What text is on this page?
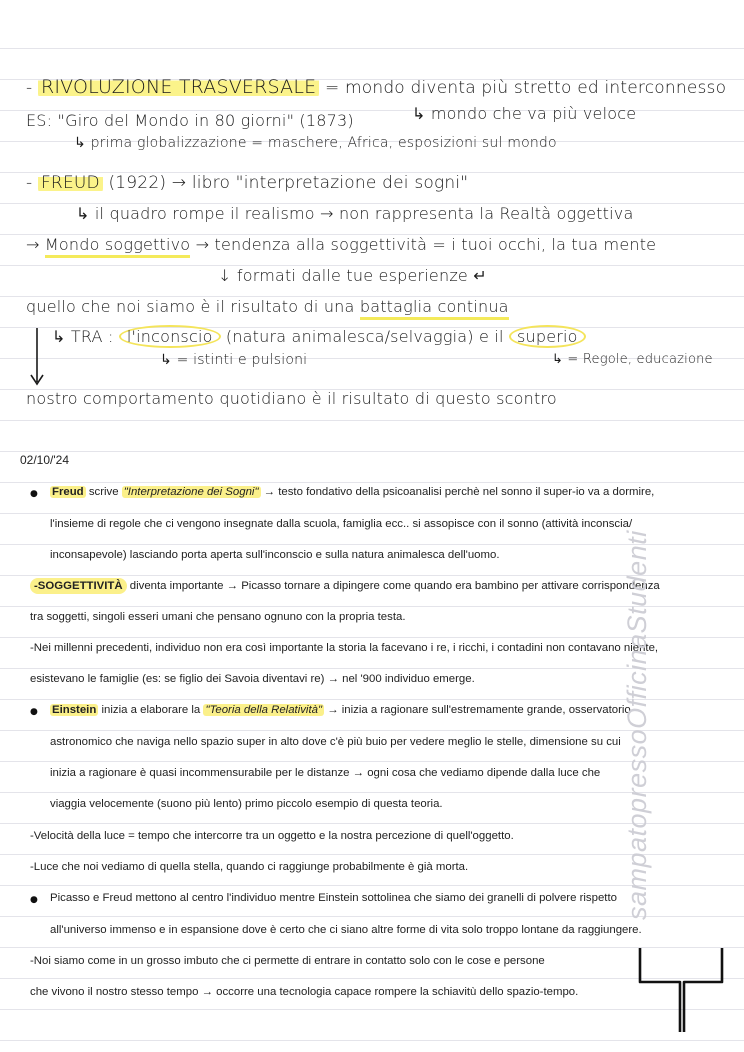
- RIVOLUZIONE TRASVERSALE = mondo diventa più stretto ed interconnesso
ES: "Giro del Mondo in 80 giorni" (1873)	↳ mondo che va più veloce
↳ prima globalizzazione = maschere, Africa, esposizioni sul mondo
- FREUD (1922) → libro "interpretazione dei sogni"
↳ il quadro rompe il realismo → non rappresenta la Realtà oggettiva
→ Mondo soggettivo → tendenza alla soggettività = i tuoi occhi, la tua mente
↓ formati dalle tue esperienze ↵
quello che noi siamo è il risultato di una battaglia continua
↳ TRA : l'inconscio (natura animalesca/selvaggia) e il superio
↳ = istinti e pulsioni	↳ = Regole, educazione
nostro comportamento quotidiano è il risultato di questo scontro
02/10/'24
● Freud scrive "Interpretazione dei Sogni" → testo fondativo della psicoanalisi perchè nel sonno il super-io va a dormire,
l'insieme di regole che ci vengono insegnate dalla scuola, famiglia ecc.. si assopisce con il sonno (attività inconscia/
inconsapevole) lasciando porta aperta sull'inconscio e sulla natura animalesca dell'uomo.
-SOGGETTIVITÀ diventa importante → Picasso tornare a dipingere come quando era bambino per attivare corrispondenza
tra soggetti, singoli esseri umani che pensano ognuno con la propria testa.
-Nei millenni precedenti, individuo non era così importante la storia la facevano i re, i ricchi, i contadini non contavano niente,
esistevano le famiglie (es: se figlio dei Savoia diventavi re) → nel '900 individuo emerge.
● Einstein inizia a elaborare la "Teoria della Relatività" → inizia a ragionare sull'estremamente grande, osservatorio
astronomico che naviga nello spazio super in alto dove c'è più buio per vedere meglio le stelle, dimensione su cui
inizia a ragionare è quasi incommensurabile per le distanze → ogni cosa che vediamo dipende dalla luce che
viaggia velocemente (suono più lento) primo piccolo esempio di questa teoria.
-Velocità della luce = tempo che intercorre tra un oggetto e la nostra percezione di quell'oggetto.
-Luce che noi vediamo di quella stella, quando ci raggiunge probabilmente è già morta.
● Picasso e Freud mettono al centro l'individuo mentre Einstein sottolinea che siamo dei granelli di polvere rispetto
all'universo immenso e in espansione dove è certo che ci siano altre forme di vita solo troppo lontane da raggiungere.
-Noi siamo come in un grosso imbuto che ci permette di entrare in contatto solo con le cose e persone
che vivono il nostro stesso tempo → occorre una tecnologia capace rompere la schiavitù dello spazio-tempo.
sampatopressoOfficinaStudenti
